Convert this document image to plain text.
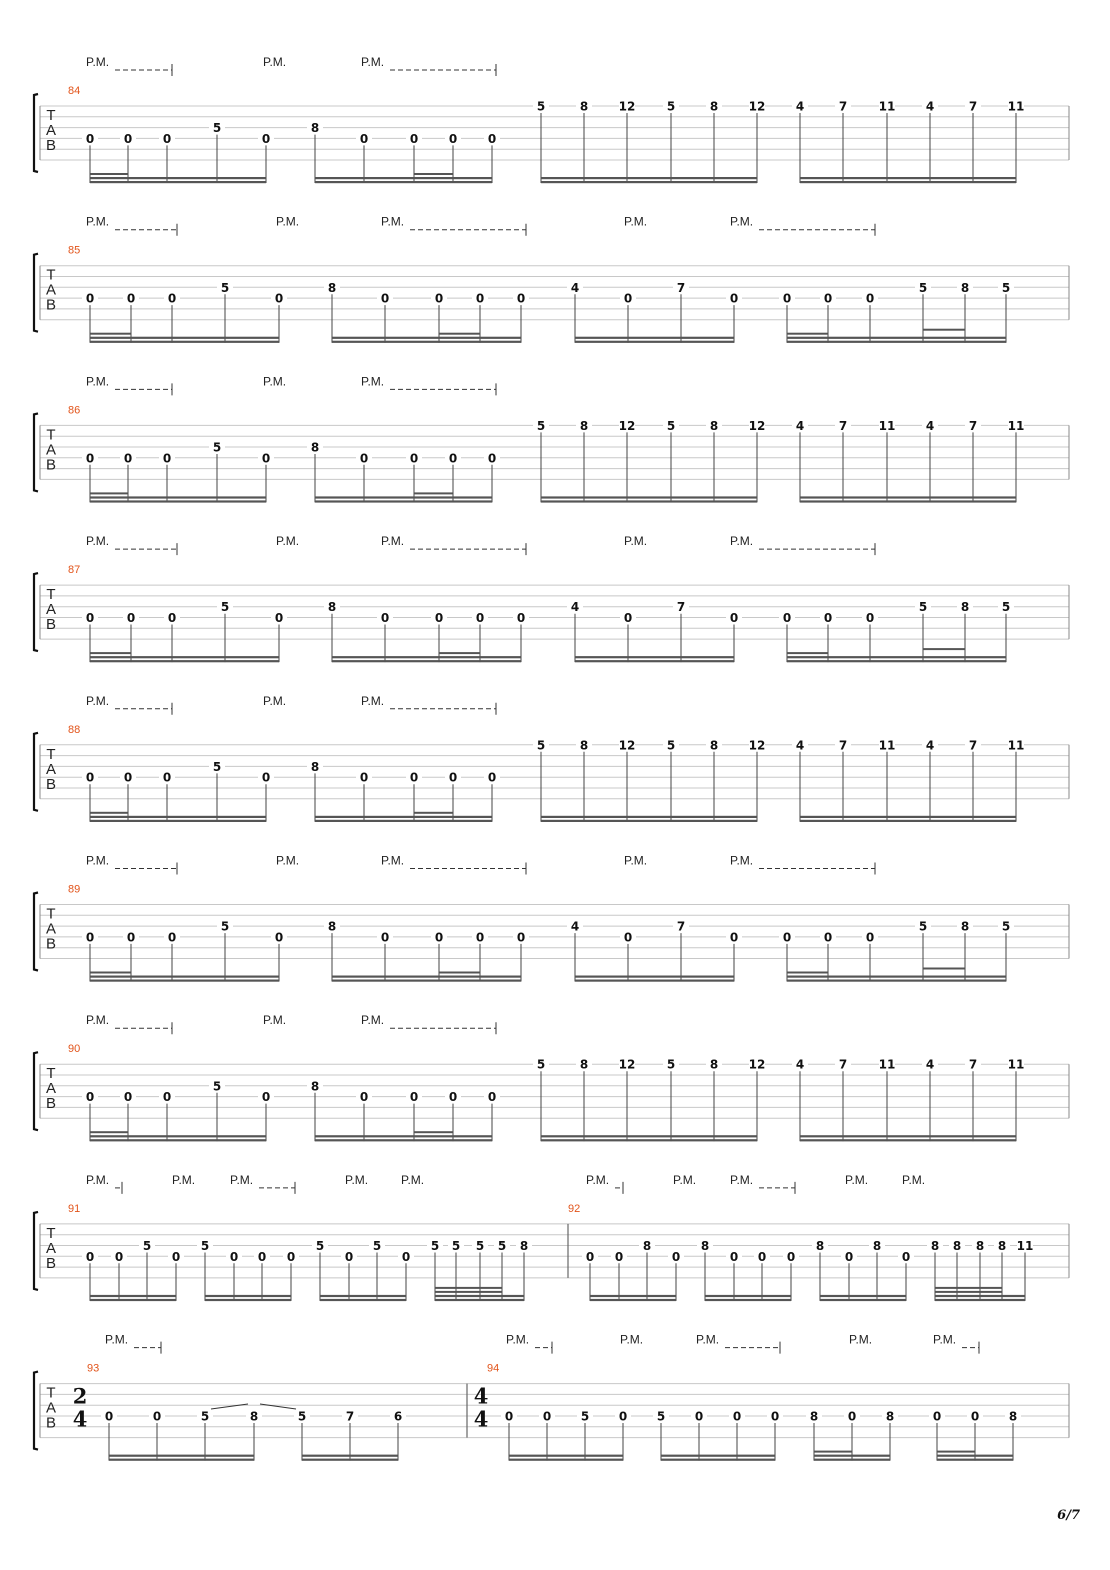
T
A
B
84
P.M.	P.M.	P.M.
0 0	0
5
0
8
0	0	0	0
5	8	12	5	8	12	4	7	11	4	7	11
T
A
B
85
P.M.	P.M.	P.M.	P.M.	P.M.
0	0	0
5
0
8
0	0	0	0
4
0
7
0	0	0	0
5	8	5
T
A
B
86
P.M.	P.M.	P.M.
0 0	0
5
0
8
0	0	0	0
5	8	12	5	8	12	4	7	11	4	7	11
T
A
B
87
P.M.	P.M.	P.M.	P.M.	P.M.
0	0	0
5
0
8
0	0	0	0
4
0
7
0	0	0	0
5	8	5
T
A
B
88
P.M.	P.M.	P.M.
0 0	0
5
0
8
0	0	0	0
5	8	12	5	8	12	4	7	11	4	7	11
T
A
B
89
P.M.	P.M.	P.M.	P.M.	P.M.
0	0	0
5
0
8
0	0	0	0
4
0
7
0	0	0	0
5	8	5
T
A
B
90
P.M.	P.M.	P.M.
0 0	0
5
0
8
0	0	0	0
5	8	12	5	8	12	4	7	11	4	7	11
T
A
B
91	92
P.M.	P.M.	P.M.	P.M.	P.M.	P.M.	P.M.	P.M.	P.M.	P.M.
0 0
5
0
5
0 0 0
5
0
5
0
5 5 5 5 8
0 0
8
0
8
0 0 0
8
0
8
0
8 8 8 8 11
T
A
B
93	94
2
4
4
4
P.M.	P.M.	P.M.	P.M.	P.M.	P.M.
0	0	5	8	5	7	6	0 0 5 0 5 0 0 0	8 0 8	0 0 8
6/7
